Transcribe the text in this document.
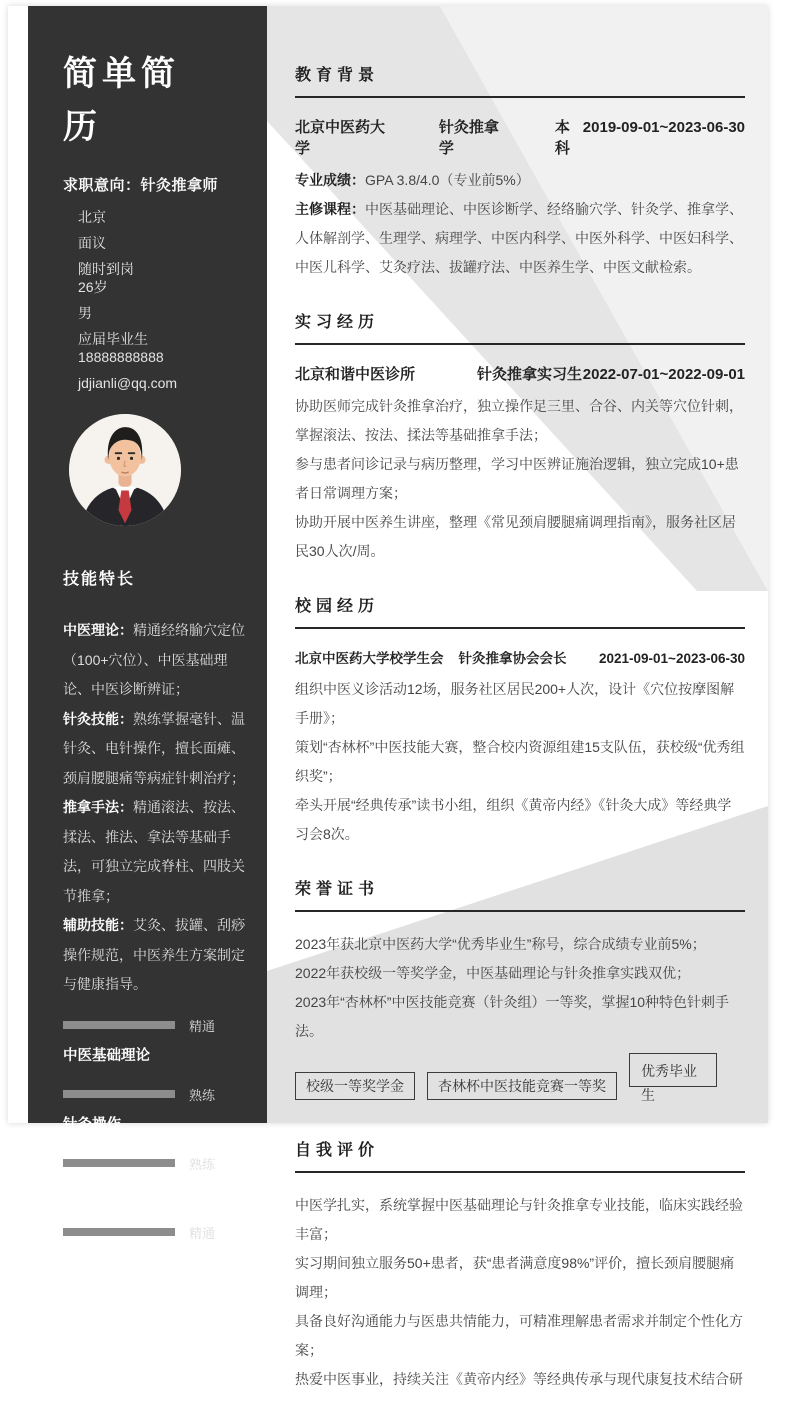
简单简历
求职意向：针灸推拿师
北京
面议
随时到岗
26岁
男
应届毕业生
18888888888
jdjianli@qq.com
技能特长

中医理论：精通经络腧穴定位（100+穴位）、中医基础理论、中医诊断辨证；

针灸技能：熟练掌握毫针、温针灸、电针操作，擅长面瘫、颈肩腰腿痛等病症针刺治疗；

推拿手法：精通滚法、按法、揉法、推法、拿法等基础手法，可独立完成脊柱、四肢关节推拿；

辅助技能：艾灸、拔罐、刮痧操作规范，中医养生方案制定与健康指导。

精通
中医基础理论
熟练
针灸操作
熟练
推拿手法
精通
穴位定位
教育背景
北京中医药大学
针灸推拿学
本科
2019-09-01~2023-06-30

专业成绩：GPA 3.8/4.0（专业前5%）

主修课程：中医基础理论、中医诊断学、经络腧穴学、针灸学、推拿学、人体解剖学、生理学、病理学、中医内科学、中医外科学、中医妇科学、中医儿科学、艾灸疗法、拔罐疗法、中医养生学、中医文献检索。

实习经历
北京和谐中医诊所	针灸推拿实习生 2022-07-01~2022-09-01

协助医师完成针灸推拿治疗，独立操作足三里、合谷、内关等穴位针刺，掌握滚法、按法、揉法等基础推拿手法；

参与患者问诊记录与病历整理，学习中医辨证施治逻辑，独立完成10+患者日常调理方案；

协助开展中医养生讲座，整理《常见颈肩腰腿痛调理指南》，服务社区居民30人次/周。

校园经历
北京中医药大学校学生会 针灸推拿协会会长 2021-09-01~2023-06-30

组织中医义诊活动12场，服务社区居民200+人次，设计《穴位按摩图解手册》；

策划“杏林杯”中医技能大赛，整合校内资源组建15支队伍，获校级“优秀组织奖”；

牵头开展“经典传承”读书小组，组织《黄帝内经》《针灸大成》等经典学习会8次。

荣誉证书

2023年获北京中医药大学“优秀毕业生”称号，综合成绩专业前5%；

2022年获校级一等奖学金，中医基础理论与针灸推拿实践双优；

2023年“杏林杯”中医技能竞赛（针灸组）一等奖，掌握10种特色针刺手法。

校级一等奖学金	杏林杯中医技能竞赛一等奖
优秀毕业生
自我评价

中医学扎实，系统掌握中医基础理论与针灸推拿专业技能，临床实践经验丰富；

实习期间独立服务50+患者，获“患者满意度98%”评价，擅长颈肩腰腿痛调理；

具备良好沟通能力与医患共情能力，可精准理解患者需求并制定个性化方案；

热爱中医事业，持续关注《黄帝内经》等经典传承与现代康复技术结合研
